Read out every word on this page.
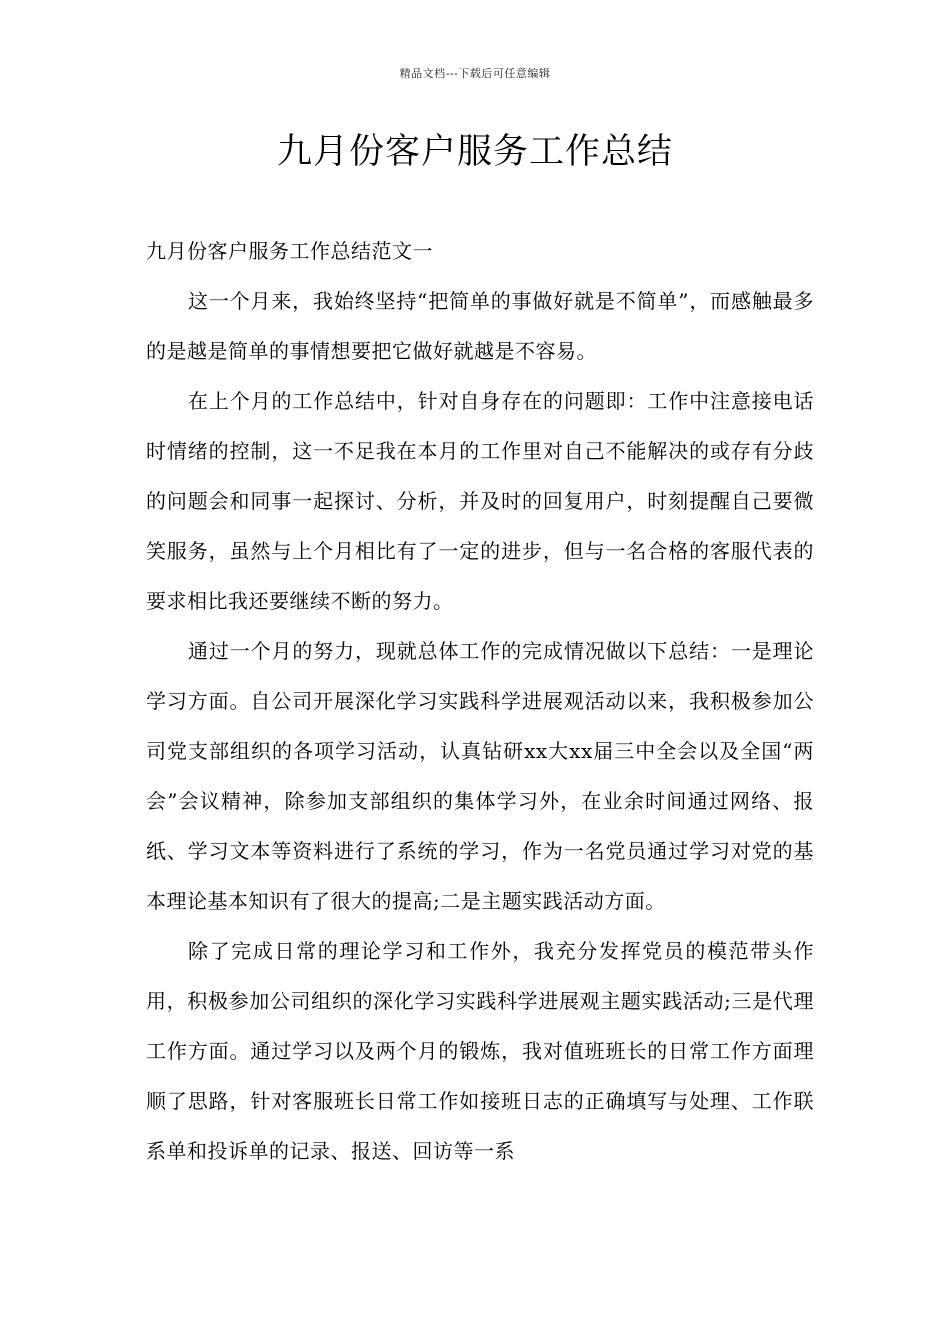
精品文档---下载后可任意编辑
九月份客户服务工作总结

九月份客户服务工作总结范文一

这一个月来，我始终坚持“把简单的事做好就是不简单”，而感触最多的是越是简单的事情想要把它做好就越是不容易。

在上个月的工作总结中，针对自身存在的问题即：工作中注意接电话时情绪的控制，这一不足我在本月的工作里对自己不能解决的或存有分歧的问题会和同事一起探讨、分析，并及时的回复用户，时刻提醒自己要微笑服务，虽然与上个月相比有了一定的进步，但与一名合格的客服代表的要求相比我还要继续不断的努力。

通过一个月的努力，现就总体工作的完成情况做以下总结：一是理论学习方面。自公司开展深化学习实践科学进展观活动以来，我积极参加公司党支部组织的各项学习活动，认真钻研xx大xx届三中全会以及全国“两会”会议精神，除参加支部组织的集体学习外，在业余时间通过网络、报纸、学习文本等资料进行了系统的学习，作为一名党员通过学习对党的基本理论基本知识有了很大的提高;二是主题实践活动方面。

除了完成日常的理论学习和工作外，我充分发挥党员的模范带头作用，积极参加公司组织的深化学习实践科学进展观主题实践活动;三是代理工作方面。通过学习以及两个月的锻炼，我对值班班长的日常工作方面理顺了思路，针对客服班长日常工作如接班日志的正确填写与处理、工作联系单和投诉单的记录、报送、回访等一系
